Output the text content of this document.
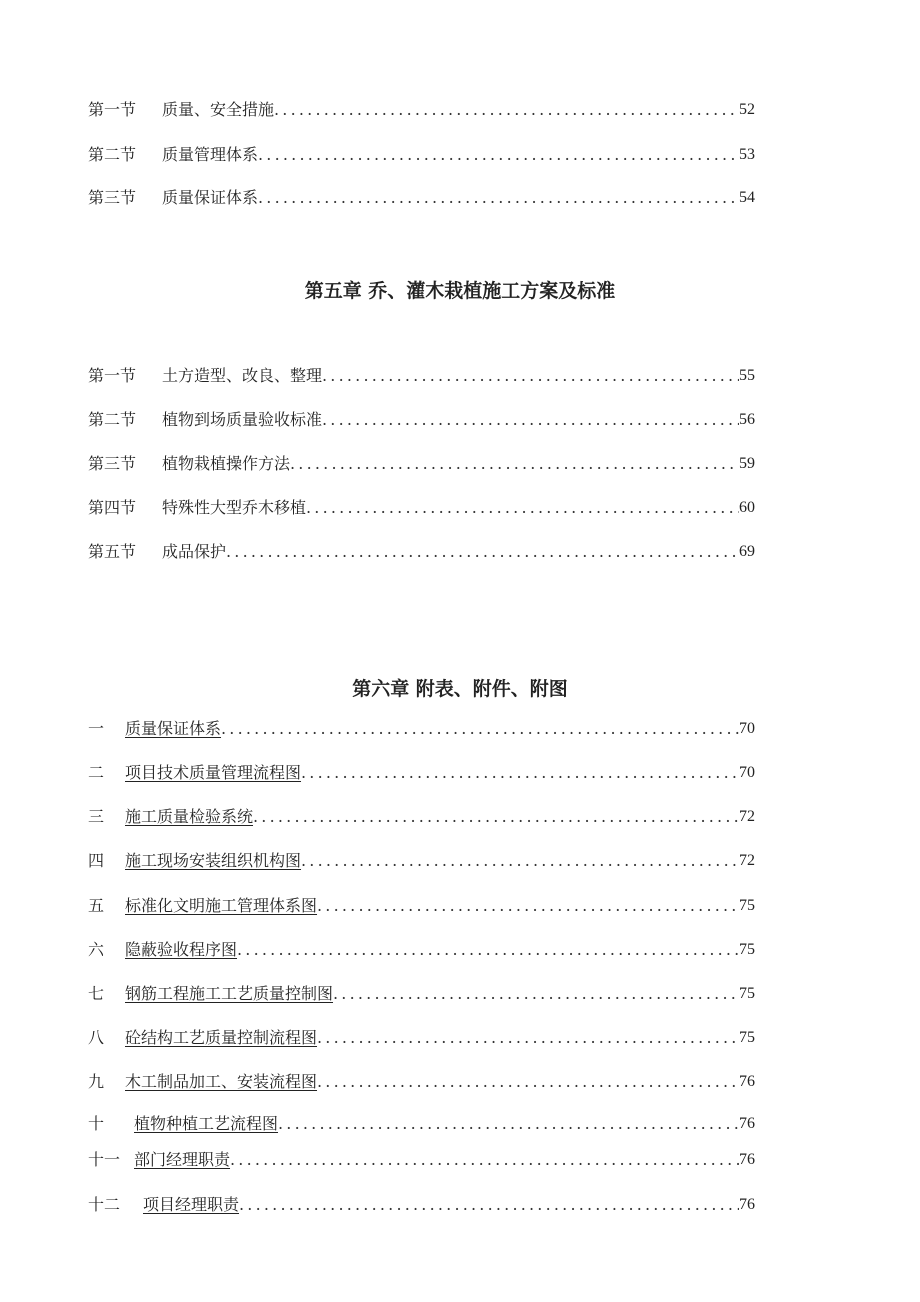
第一节	质量、安全措施 .....	52
第二节	质量管理体系 .....	53
第三节	质量保证体系 .....	54
第五章 乔、灌木栽植施工方案及标准
第一节	土方造型、改良、整理 .....	55
第二节	植物到场质量验收标准 .....	56
第三节	植物栽植操作方法 .....	59
第四节	特殊性大型乔木移植 .....	60
第五节	成品保护 .....	69
第六章 附表、附件、附图
一	质量保证体系 .....	70
二	项目技术质量管理流程图 .....	70
三	施工质量检验系统 .....	72
四	施工现场安装组织机构图 .....	72
五	标准化文明施工管理体系图 .....	75
六	隐蔽验收程序图 .....	75
七	钢筋工程施工工艺质量控制图 .....	75
八	砼结构工艺质量控制流程图 .....	75
九	木工制品加工、安装流程图 .....	76
十	植物种植工艺流程图 .....	76
十一 部门经理职责 .....	76
十二	项目经理职责 .....	76
